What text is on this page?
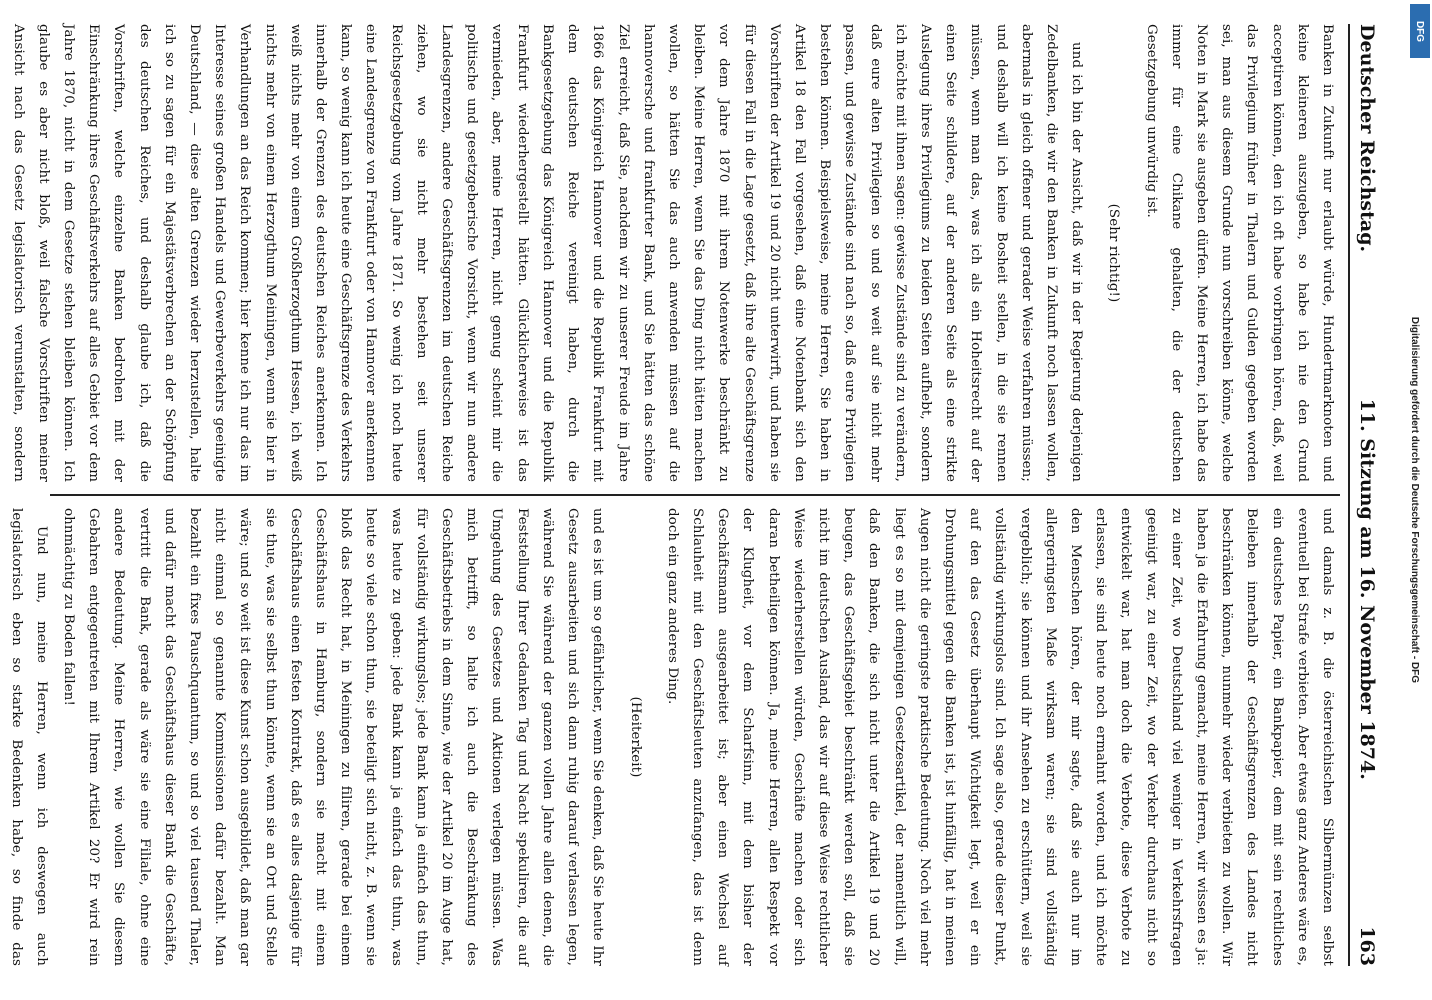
Deutscher Reichstag.
11. Sitzung am 16. November 1874.
163

Banken in Zukunft nur erlaubt würde, Hundertmarknoten und keine kleineren auszugeben, so habe ich nie den Grund acceptiren können, den ich oft habe vorbringen hören, daß, weil das Privilegium früher in Thalern und Gulden gegeben worden sei, man aus diesem Grunde nun vorschreiben könne, welche Noten in Mark sie ausgeben dürfen. Meine Herren, ich habe das immer für eine Chikane gehalten, die der deutschen Gesetzgebung unwürdig ist.

(Sehr richtig!)

und ich bin der Ansicht, daß wir in der Regierung derjenigen Zedelbanken, die wir den Banken in Zukunft noch lassen wollen, abermals in gleich offener und gerader Weise verfahren müssen; und deshalb will ich keine Bosheit stellen, in die sie rennen müssen, wenn man das, was ich als ein Hoheitsrecht auf der einen Seite schildere, auf der anderen Seite als eine strikte Auslegung ihres Privilegiums zu beiden Seiten aufhebt, sondern ich möchte mit ihnen sagen: gewisse Zustände sind zu verändern, daß eure alten Privilegien so und so weit auf sie nicht mehr passen, und gewisse Zustände sind nach so, daß eure Privilegien bestehen können. Beispielsweise, meine Herren, Sie haben in Artikel 18 den Fall vorgesehen, daß eine Notenbank sich den Vorschriften der Artikel 19 und 20 nicht unterwirft, und haben sie für diesen Fall in die Lage gesetzt, daß ihre alte Geschäftsgrenze vor dem Jahre 1870 mit ihrem Notenwerke beschränkt zu bleiben. Meine Herren, wenn Sie das Ding nicht hätten machen wollen, so hätten Sie das auch anwenden müssen auf die hannoversche und frankfurter Bank, und Sie hätten das schöne Ziel erreicht, daß Sie, nachdem wir zu unserer Freude im Jahre 1866 das Königreich Hannover und die Republik Frankfurt mit dem deutschen Reiche vereinigt haben, durch die Bankgesetzgebung das Königreich Hannover und die Republik Frankfurt wiederhergestellt hätten. Glücklicherweise ist das vermieden, aber, meine Herren, nicht genug scheint mir die politische und gesetzgeberische Vorsicht, wenn wir nun andere Landesgrenzen, andere Geschäftsgrenzen im deutschen Reiche ziehen, wo sie nicht mehr bestehen seit unserer Reichsgesetzgebung vom Jahre 1871. So wenig ich noch heute eine Landesgrenze von Frankfurt oder von Hannover anerkennen kann, so wenig kann ich heute eine Geschäftsgrenze des Verkehrs innerhalb der Grenzen des deutschen Reiches anerkennen. Ich weiß nichts mehr von einem Großherzogthum Hessen, ich weiß nichts mehr von einem Herzogthum Meiningen, wenn sie hier in Verhandlungen an das Reich kommen; hier kenne ich nur das im Interesse seines großen Handels und Gewerbeverkehrs geeinigte Deutschland, — diese alten Grenzen wieder herzustellen, halte ich so zu sagen für ein Majestätsverbrechen an der Schöpfung des deutschen Reiches, und deshalb glaube ich, daß die Vorschriften, welche einzelne Banken bedrohen mit der Einschränkung ihres Geschäftsverkehrs auf alles Gebiet vor dem Jahre 1870, nicht in dem Gesetze stehen bleiben können. Ich glaube es aber nicht bloß, weil falsche Vorschriften meiner Ansicht nach das Gesetz legislatorisch verunstalten, sondern

und damals z. B. die österreichischen Silbermünzen selbst eventuell bei Strafe verbieten. Aber etwas ganz Anderes wäre es, ein deutsches Papier, ein Bankpapier, dem mit sein rechtliches Belieben innerhalb der Geschäftsgrenzen des Landes nicht beschränken können, nunmehr wieder verbieten zu wollen. Wir haben ja die Erfahrung gemacht, meine Herren, wir wissen es ja: zu einer Zeit, wo Deutschland viel weniger in Verkehrsfragen geeinigt war, zu einer Zeit, wo der Verkehr durchaus nicht so entwickelt war, hat man doch die Verbote, diese Verbote zu erlassen, sie sind heute noch ermahnt worden, und ich möchte den Menschen hören, der mir sagte, daß sie auch nur im allergeringsten Maße wirksam waren; sie sind vollständig vergeblich; sie können und ihr Ansehen zu erschüttern, weil sie vollständig wirkungslos sind. Ich sage also, gerade dieser Punkt, auf den das Gesetz überhaupt Wichtigkeit legt, weil er ein Drohungsmittel gegen die Banken ist, ist hinfällig, hat in meinen Augen nicht die geringste praktische Bedeutung. Noch viel mehr liegt es so mit demjenigen Gesetzesartikel, der namentlich will, daß den Banken, die sich nicht unter die Artikel 19 und 20 beugen, das Geschäftsgebiet beschränkt werden soll, daß sie nicht im deutschen Ausland, das wir auf diese Weise rechtlicher Weise wiederherstellen würden, Geschäfte machen oder sich daran betheiligen können. Ja, meine Herren, allen Respekt vor der Klugheit, vor dem Scharfsinn, mit dem bisher der Geschäftsmann ausgearbeitet ist; aber einen Wechsel auf Schlauheit mit den Geschäftsleuten anzufangen, das ist denn doch ein ganz anderes Ding.

(Heiterkeit)

und es ist um so gefährlicher, wenn Sie denken, daß Sie heute Ihr Gesetz ausarbeiten und sich dann ruhig darauf verlassen legen, während Sie während der ganzen vollen Jahre allen denen, die Feststellung Ihrer Gedanken Tag und Nacht spekuliren, die auf Umgehung des Gesetzes und Aktionen verlegen müssen. Was mich betrifft, so halte ich auch die Beschränkung des Geschäftsbetriebs in dem Sinne, wie der Artikel 20 im Auge hat, für vollständig wirkungslos; jede Bank kann ja einfach das thun, was heute zu geben: jede Bank kann ja einfach das thun, was heute so viele schon thun, sie beteiligt sich nicht, z. B. wenn sie bloß das Recht hat, in Meiningen zu filiren, gerade bei einem Geschäftshaus in Hamburg, sondern sie macht mit einem Geschäftshaus einen festen Kontrakt, daß es alles dasjenige für sie thue, was sie selbst thun könnte, wenn sie an Ort und Stelle wäre; und so weit ist diese Kunst schon ausgebildet, daß man gar nicht einmal so genannte Kommissionen dafür bezahlt. Man bezahlt ein fixes Pauschquantum, so und so viel tausend Thaler, und dafür macht das Geschäftshaus dieser Bank die Geschäfte, vertritt die Bank, gerade als wäre sie eine Filiale, ohne eine andere Bedeutung. Meine Herren, wie wollen Sie diesem Gebahren entgegentreten mit Ihrem Artikel 20? Er wird rein ohnmächtig zu Boden fallen!

Und nun, meine Herren, wenn ich deswegen auch legislatorisch eben so starke Bedenken habe, so finde das

Digitalisierung gefördert durch die Deutsche Forschungsgemeinschaft - DFG
DFG
